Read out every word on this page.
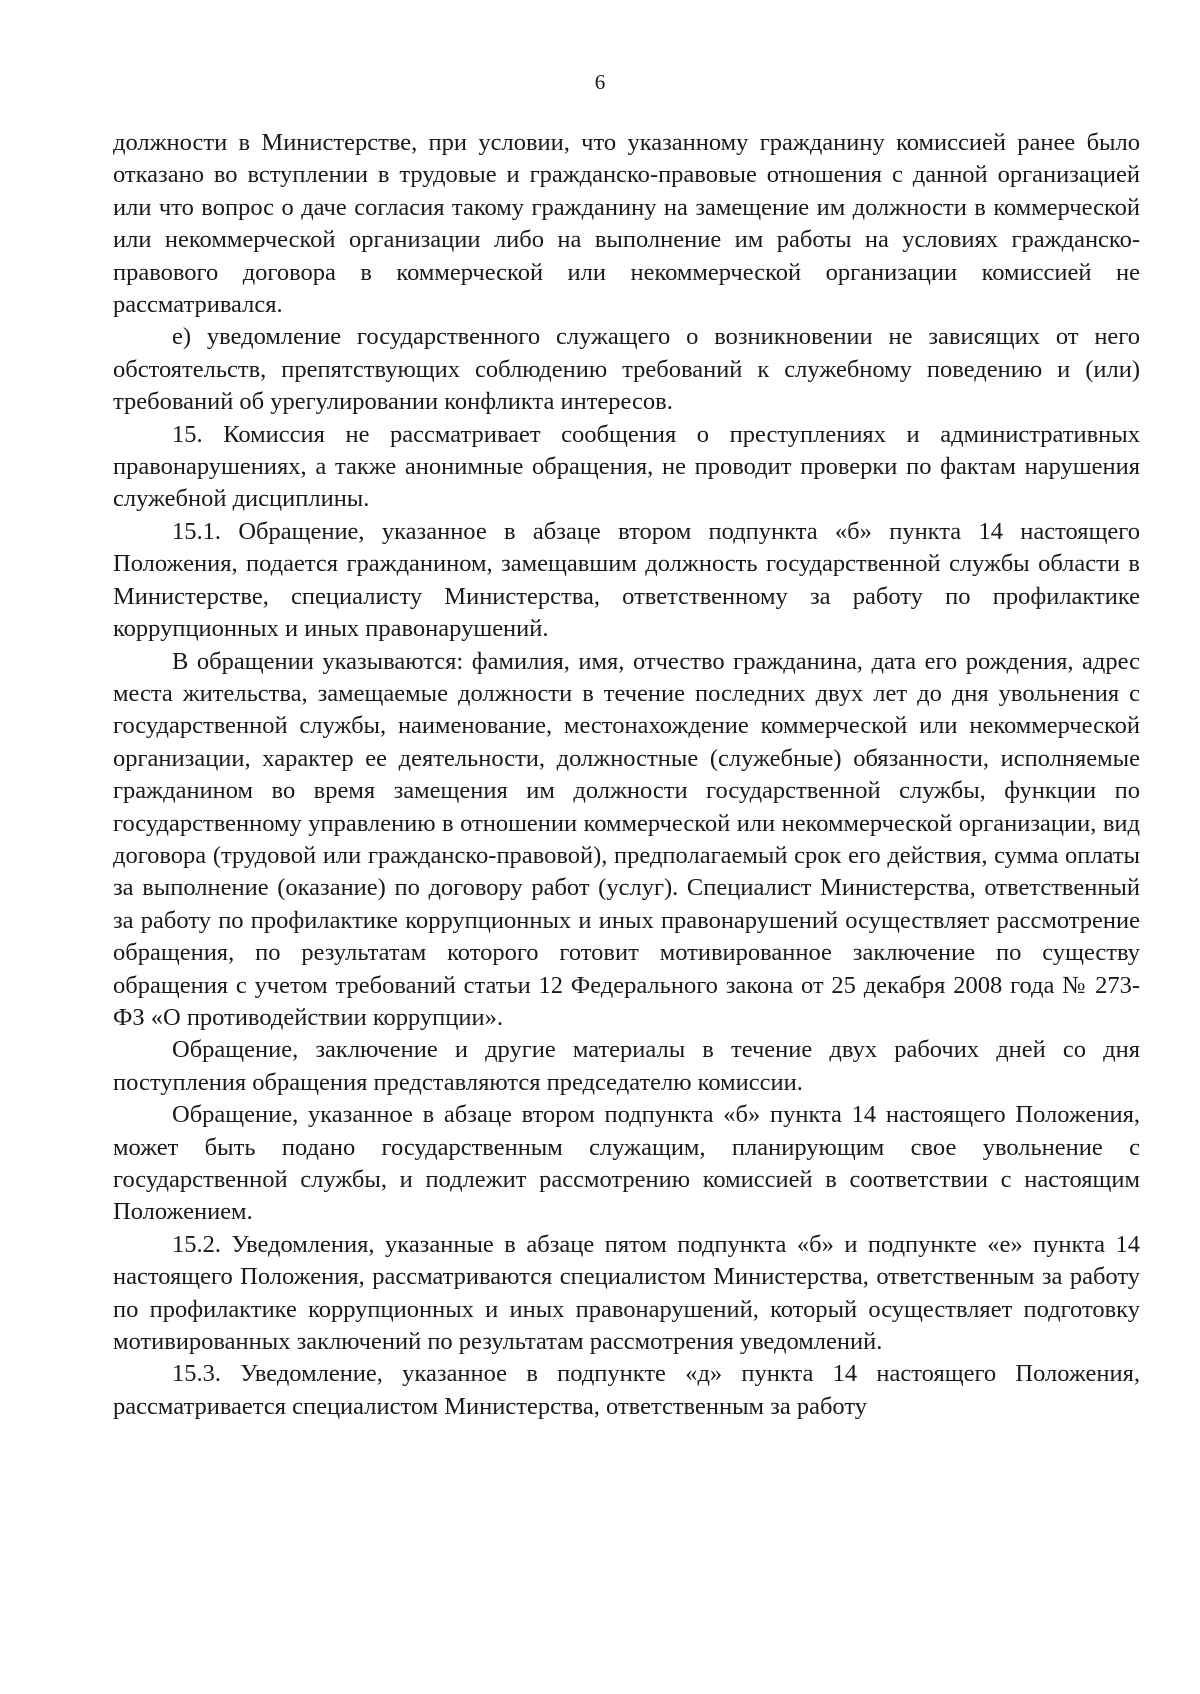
6

должности в Министерстве, при условии, что указанному гражданину комиссией ранее было отказано во вступлении в трудовые и гражданско-правовые отношения с данной организацией или что вопрос о даче согласия такому гражданину на замещение им должности в коммерческой или некоммерческой организации либо на выполнение им работы на условиях гражданско-правового договора в коммерческой или некоммерческой организации комиссией не рассматривался.

е) уведомление государственного служащего о возникновении не зависящих от него обстоятельств, препятствующих соблюдению требований к служебному поведению и (или) требований об урегулировании конфликта интересов.

15. Комиссия не рассматривает сообщения о преступлениях и административных правонарушениях, а также анонимные обращения, не проводит проверки по фактам нарушения служебной дисциплины.

15.1. Обращение, указанное в абзаце втором подпункта «б» пункта 14 настоящего Положения, подается гражданином, замещавшим должность государственной службы области в Министерстве, специалисту Министерства, ответственному за работу по профилактике коррупционных и иных правонарушений.

В обращении указываются: фамилия, имя, отчество гражданина, дата его рождения, адрес места жительства, замещаемые должности в течение последних двух лет до дня увольнения с государственной службы, наименование, местонахождение коммерческой или некоммерческой организации, характер ее деятельности, должностные (служебные) обязанности, исполняемые гражданином во время замещения им должности государственной службы, функции по государственному управлению в отношении коммерческой или некоммерческой организации, вид договора (трудовой или гражданско-правовой), предполагаемый срок его действия, сумма оплаты за выполнение (оказание) по договору работ (услуг). Специалист Министерства, ответственный за работу по профилактике коррупционных и иных правонарушений осуществляет рассмотрение обращения, по результатам которого готовит мотивированное заключение по существу обращения с учетом требований статьи 12 Федерального закона от 25 декабря 2008 года № 273-ФЗ «О противодействии коррупции».

Обращение, заключение и другие материалы в течение двух рабочих дней со дня поступления обращения представляются председателю комиссии.

Обращение, указанное в абзаце втором подпункта «б» пункта 14 настоящего Положения, может быть подано государственным служащим, планирующим свое увольнение с государственной службы, и подлежит рассмотрению комиссией в соответствии с настоящим Положением.

15.2. Уведомления, указанные в абзаце пятом подпункта «б» и подпункте «е» пункта 14 настоящего Положения, рассматриваются специалистом Министерства, ответственным за работу по профилактике коррупционных и иных правонарушений, который осуществляет подготовку мотивированных заключений по результатам рассмотрения уведомлений.

15.3. Уведомление, указанное в подпункте «д» пункта 14 настоящего Положения, рассматривается специалистом Министерства, ответственным за работу
